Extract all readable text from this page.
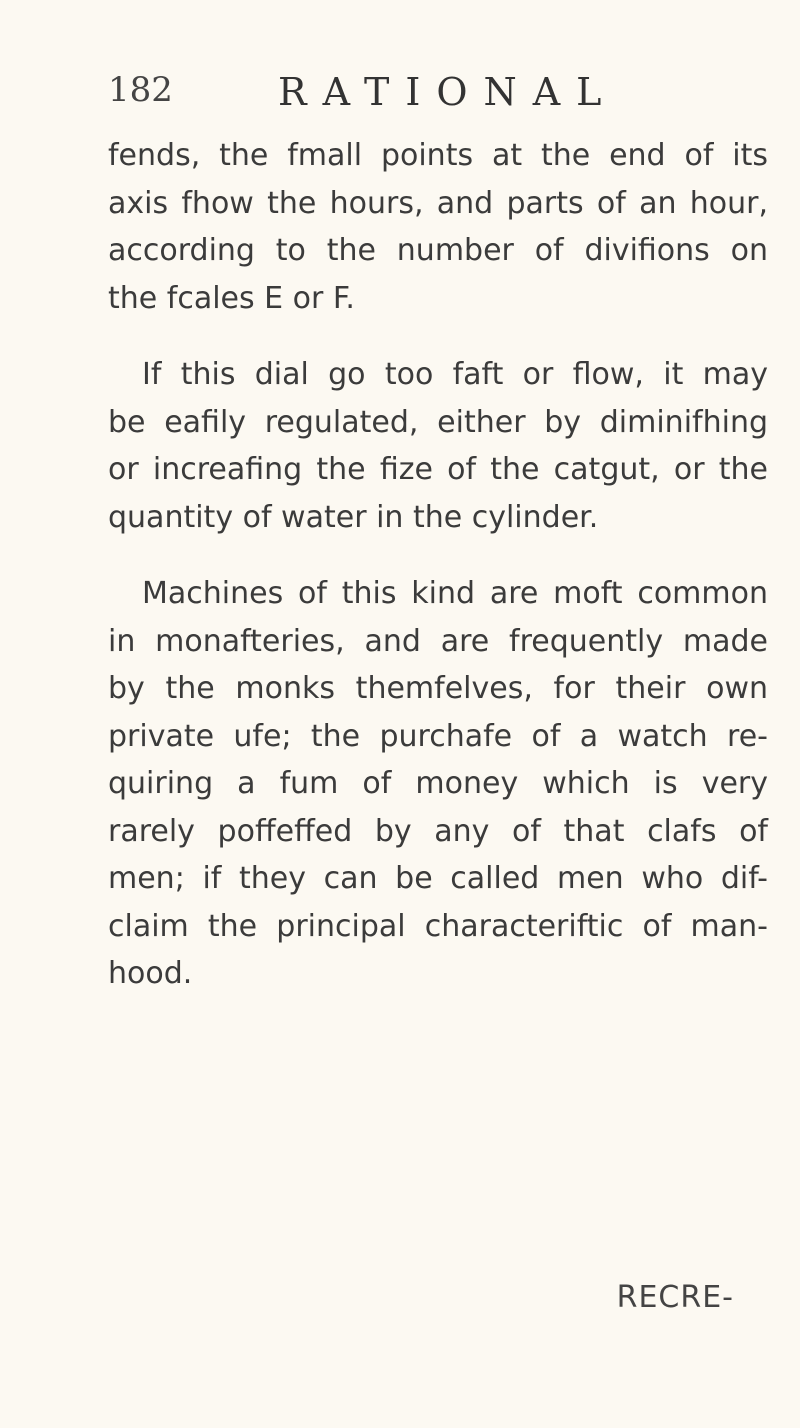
182	RATIONAL

fends, the fmall points at the end of its
axis fhow the hours, and parts of an hour,
according to the number of divifions on
the fcales E or F.

If this dial go too faft or flow, it may
be eafily regulated, either by diminifhing
or increafing the fize of the catgut, or the
quantity of water in the cylinder.

Machines of this kind are moft common
in monafteries, and are frequently made
by the monks themfelves, for their own
private ufe; the purchafe of a watch re-
quiring a fum of money which is very
rarely poffeffed by any of that clafs of
men; if they can be called men who dif-
claim the principal characteriftic of man-
hood.

RECRE-
